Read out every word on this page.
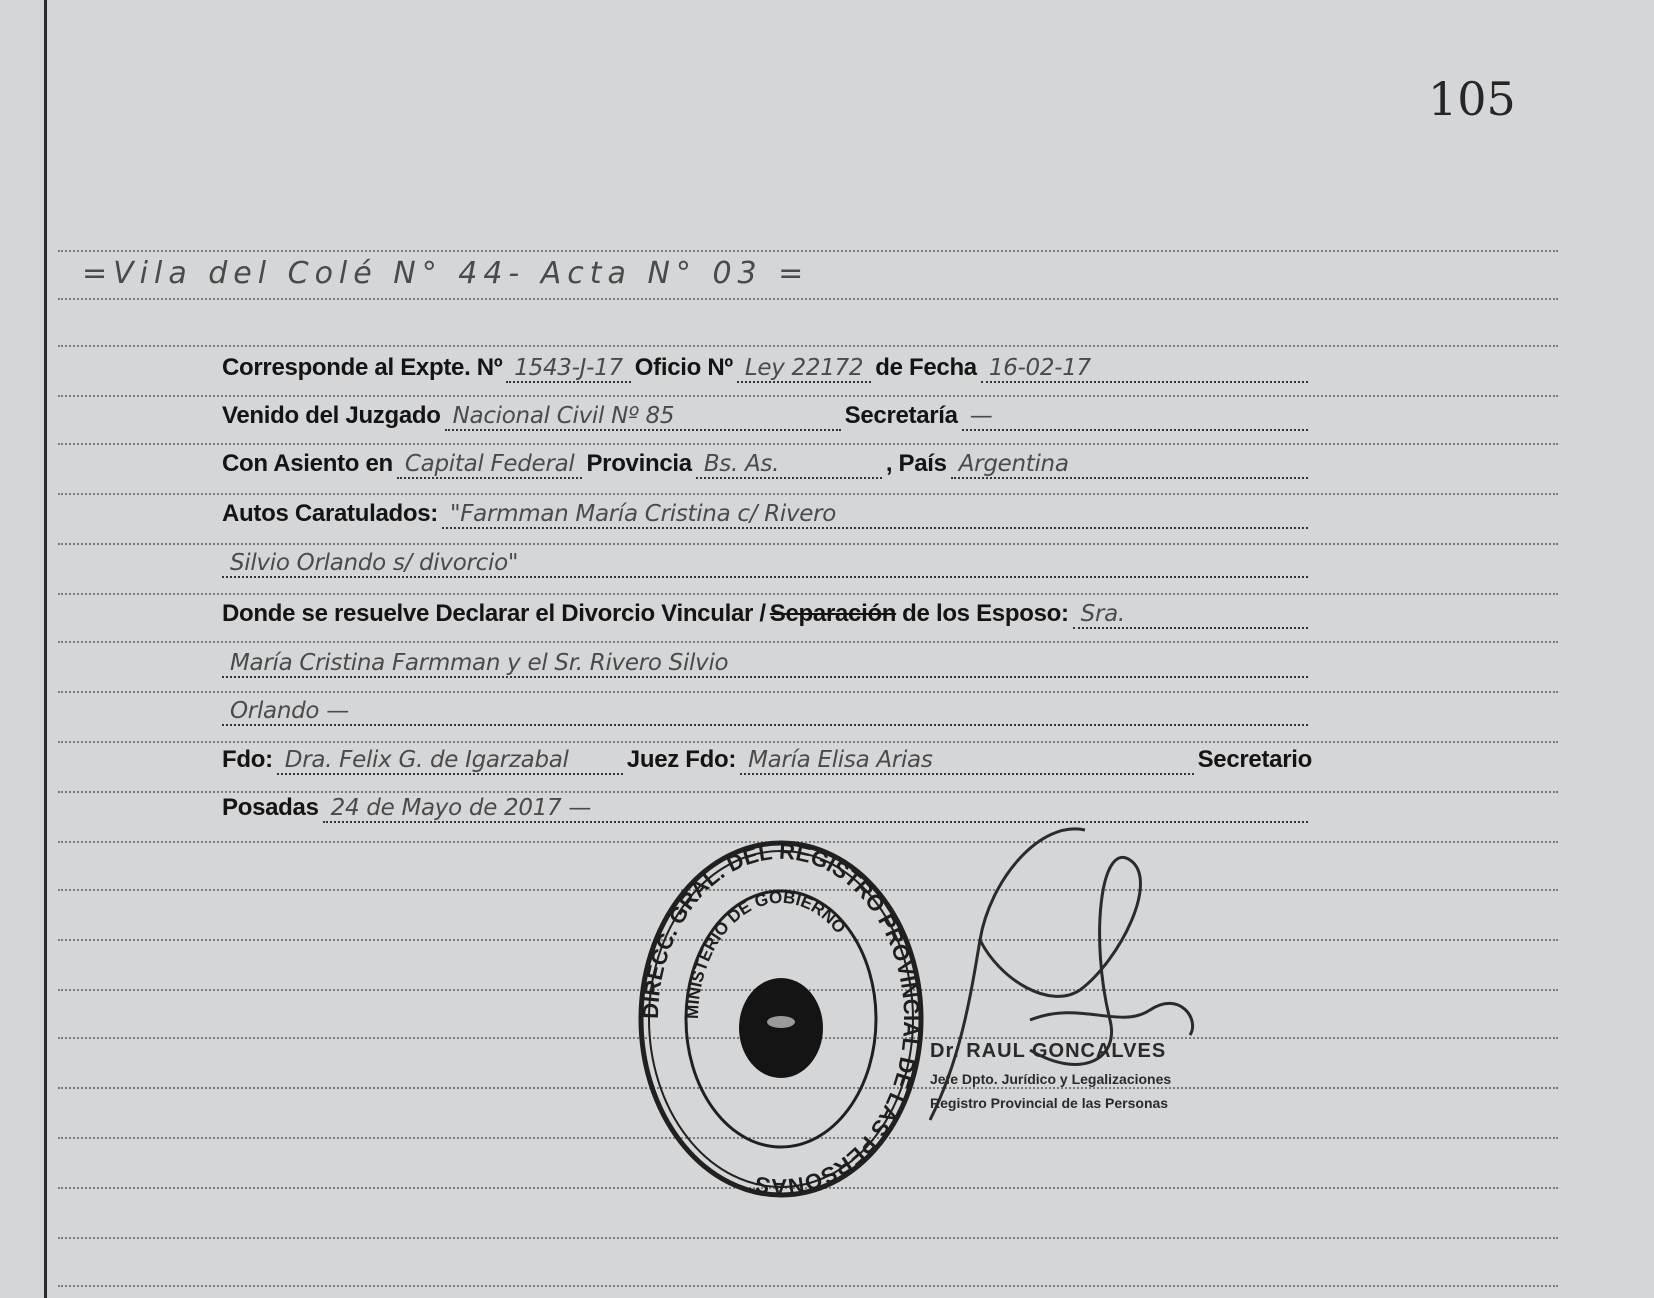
105
=Vila del Colé N° 44- Acta N° 03 =
Corresponde al Expte. Nº 1543-J-17 Oficio Nº Ley 22172 de Fecha 16-02-17
Venido del Juzgado Nacional Civil Nº 85	Secretaría —
Con Asiento en Capital Federal Provincia Bs. As.	, País Argentina
Autos Caratulados: "Farmman María Cristina c/ Rivero
Silvio Orlando s/ divorcio"
Donde se resuelve Declarar el Divorcio Vincular / Separación de los Esposo: Sra.
María Cristina Farmman y el Sr. Rivero Silvio
Orlando —
Fdo: Dra. Felix G. de Igarzabal	Juez Fdo: María Elisa Arias	Secretario
Posadas 24 de Mayo de 2017 —
DIRECC. GRAL. DEL REGISTRO PROVINCIAL DE LAS PERSONAS
MINISTERIO DE GOBIERNO
Dr. RAUL GONCALVES
Jefe Dpto. Jurídico y Legalizaciones
Registro Provincial de las Personas
